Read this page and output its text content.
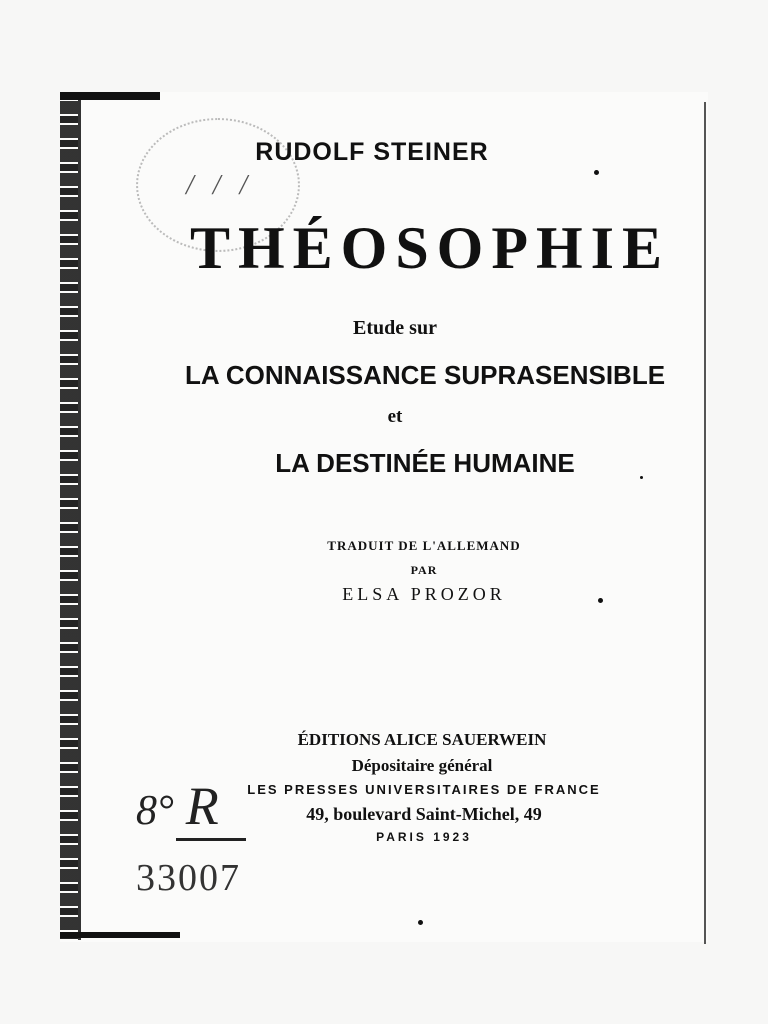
/ / /
RUDOLF STEINER
THÉOSOPHIE
Etude sur
LA CONNAISSANCE SUPRASENSIBLE
et
LA DESTINÉE HUMAINE
TRADUIT DE L'ALLEMAND
PAR
ELSA PROZOR
ÉDITIONS ALICE SAUERWEIN
Dépositaire général
LES PRESSES UNIVERSITAIRES DE FRANCE
49, boulevard Saint-Michel, 49
PARIS 1923
8° R
33007
